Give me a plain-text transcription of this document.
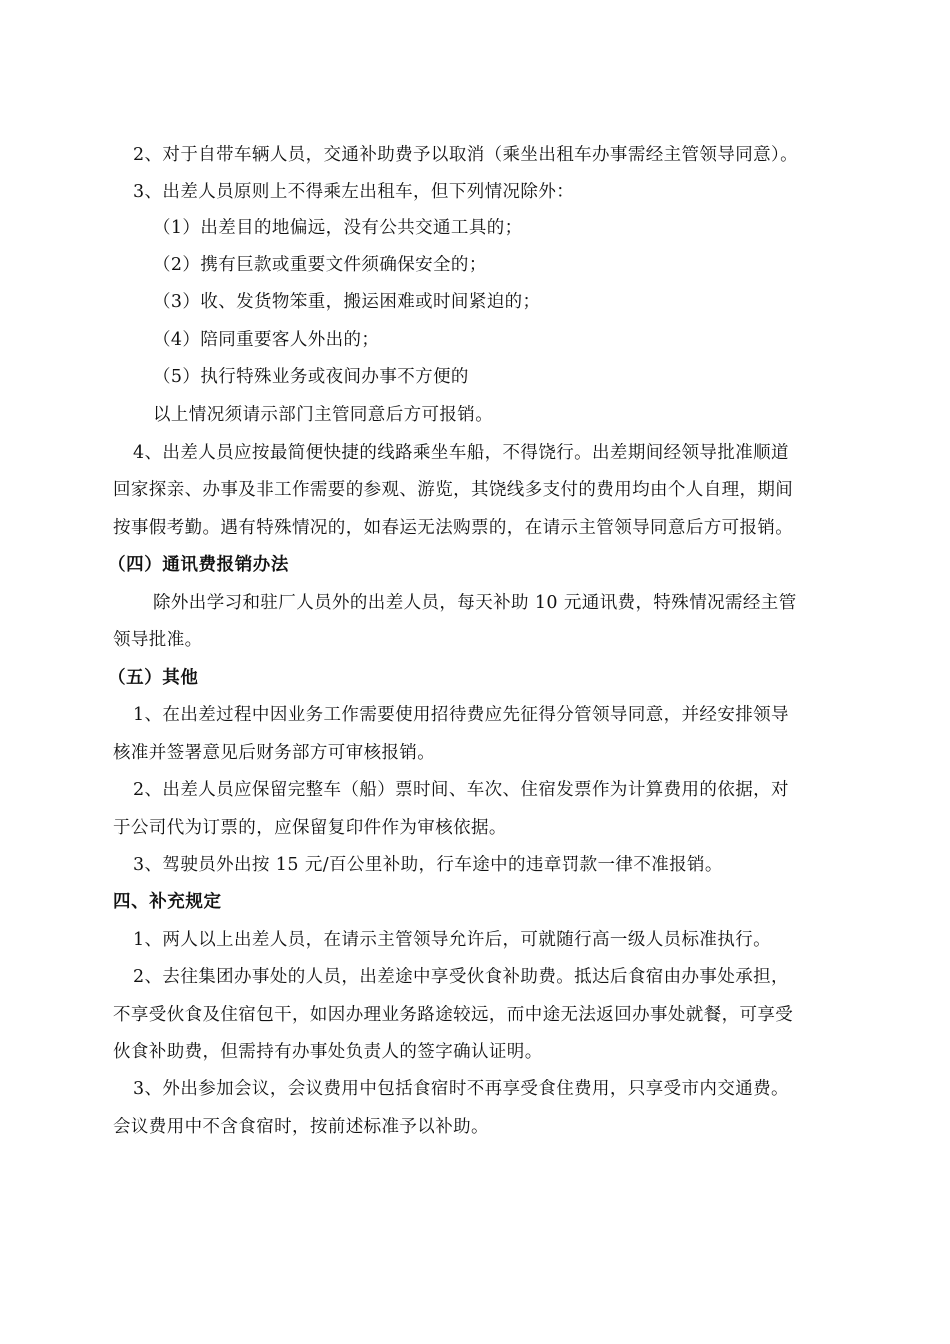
2、对于自带车辆人员，交通补助费予以取消（乘坐出租车办事需经主管领导同意）。

3、出差人员原则上不得乘左出租车，但下列情况除外：

（1）出差目的地偏远，没有公共交通工具的；

（2）携有巨款或重要文件须确保安全的；

（3）收、发货物笨重，搬运困难或时间紧迫的；

（4）陪同重要客人外出的；

（5）执行特殊业务或夜间办事不方便的

以上情况须请示部门主管同意后方可报销。

4、出差人员应按最简便快捷的线路乘坐车船，不得饶行。出差期间经领导批准顺道

回家探亲、办事及非工作需要的参观、游览，其饶线多支付的费用均由个人自理，期间

按事假考勤。遇有特殊情况的，如春运无法购票的，在请示主管领导同意后方可报销。

（四）通讯费报销办法

除外出学习和驻厂人员外的出差人员，每天补助 10 元通讯费，特殊情况需经主管

领导批准。

（五）其他

1、在出差过程中因业务工作需要使用招待费应先征得分管领导同意，并经安排领导

核准并签署意见后财务部方可审核报销。

2、出差人员应保留完整车（船）票时间、车次、住宿发票作为计算费用的依据，对

于公司代为订票的，应保留复印件作为审核依据。

3、驾驶员外出按 15 元/百公里补助，行车途中的违章罚款一律不准报销。

四、补充规定

1、两人以上出差人员，在请示主管领导允许后，可就随行高一级人员标准执行。

2、去往集团办事处的人员，出差途中享受伙食补助费。抵达后食宿由办事处承担，

不享受伙食及住宿包干，如因办理业务路途较远，而中途无法返回办事处就餐，可享受

伙食补助费，但需持有办事处负责人的签字确认证明。

3、外出参加会议，会议费用中包括食宿时不再享受食住费用，只享受市内交通费。

会议费用中不含食宿时，按前述标准予以补助。
